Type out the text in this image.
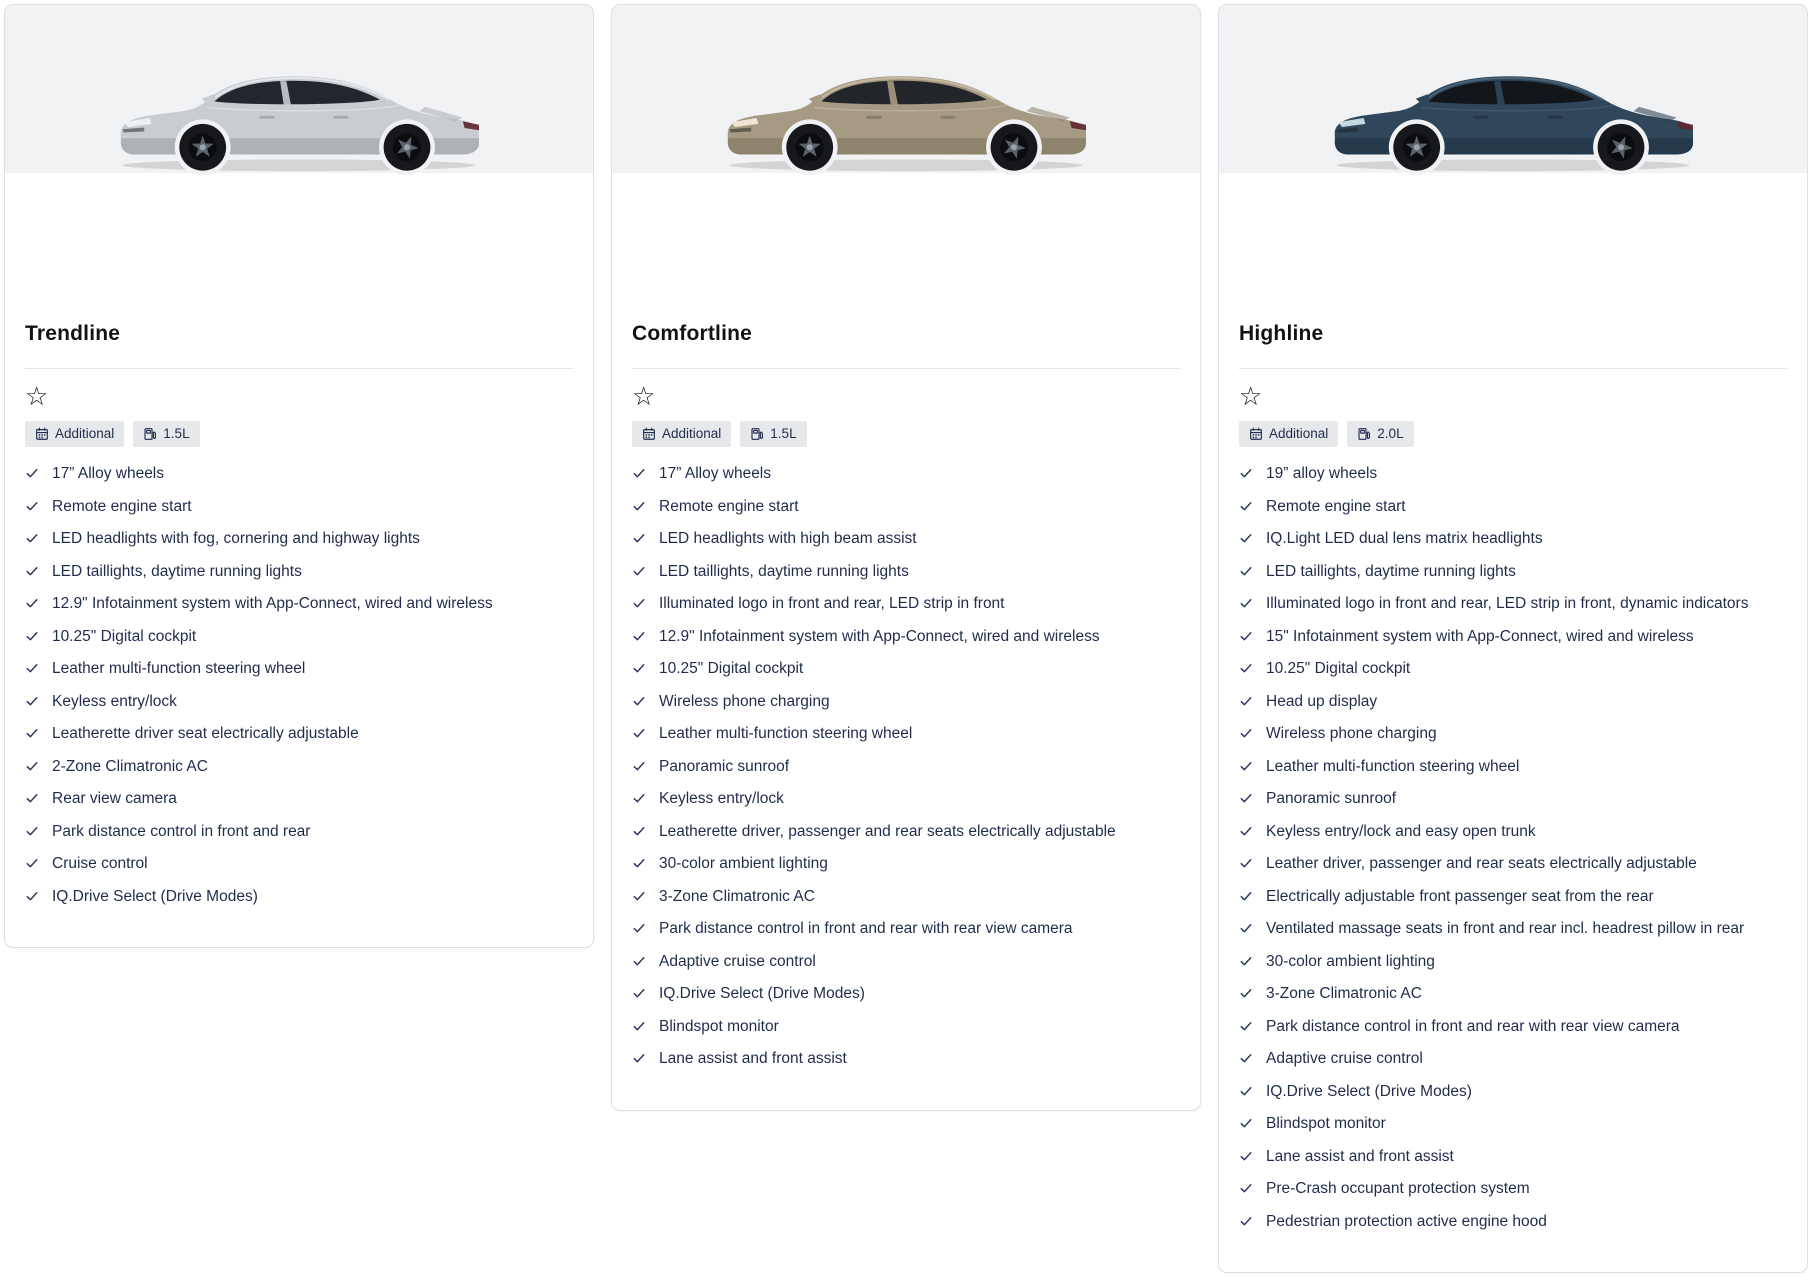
Trendline
☆
Additional	1.5L
17” Alloy wheels
Remote engine start
LED headlights with fog, cornering and highway lights
LED taillights, daytime running lights
12.9" Infotainment system with App-Connect, wired and wireless
10.25" Digital cockpit
Leather multi-function steering wheel
Keyless entry/lock
Leatherette driver seat electrically adjustable
2-Zone Climatronic AC
Rear view camera
Park distance control in front and rear
Cruise control
IQ.Drive Select (Drive Modes)
Comfortline
☆
Additional	1.5L
17” Alloy wheels
Remote engine start
LED headlights with high beam assist
LED taillights, daytime running lights
Illuminated logo in front and rear, LED strip in front
12.9" Infotainment system with App-Connect, wired and wireless
10.25" Digital cockpit
Wireless phone charging
Leather multi-function steering wheel
Panoramic sunroof
Keyless entry/lock
Leatherette driver, passenger and rear seats electrically adjustable
30-color ambient lighting
3-Zone Climatronic AC
Park distance control in front and rear with rear view camera
Adaptive cruise control
IQ.Drive Select (Drive Modes)
Blindspot monitor
Lane assist and front assist
Highline
☆
Additional	2.0L
19” alloy wheels
Remote engine start
IQ.Light LED dual lens matrix headlights
LED taillights, daytime running lights
Illuminated logo in front and rear, LED strip in front, dynamic indicators
15" Infotainment system with App-Connect, wired and wireless
10.25" Digital cockpit
Head up display
Wireless phone charging
Leather multi-function steering wheel
Panoramic sunroof
Keyless entry/lock and easy open trunk
Leather driver, passenger and rear seats electrically adjustable
Electrically adjustable front passenger seat from the rear
Ventilated massage seats in front and rear incl. headrest pillow in rear
30-color ambient lighting
3-Zone Climatronic AC
Park distance control in front and rear with rear view camera
Adaptive cruise control
IQ.Drive Select (Drive Modes)
Blindspot monitor
Lane assist and front assist
Pre-Crash occupant protection system
Pedestrian protection active engine hood
